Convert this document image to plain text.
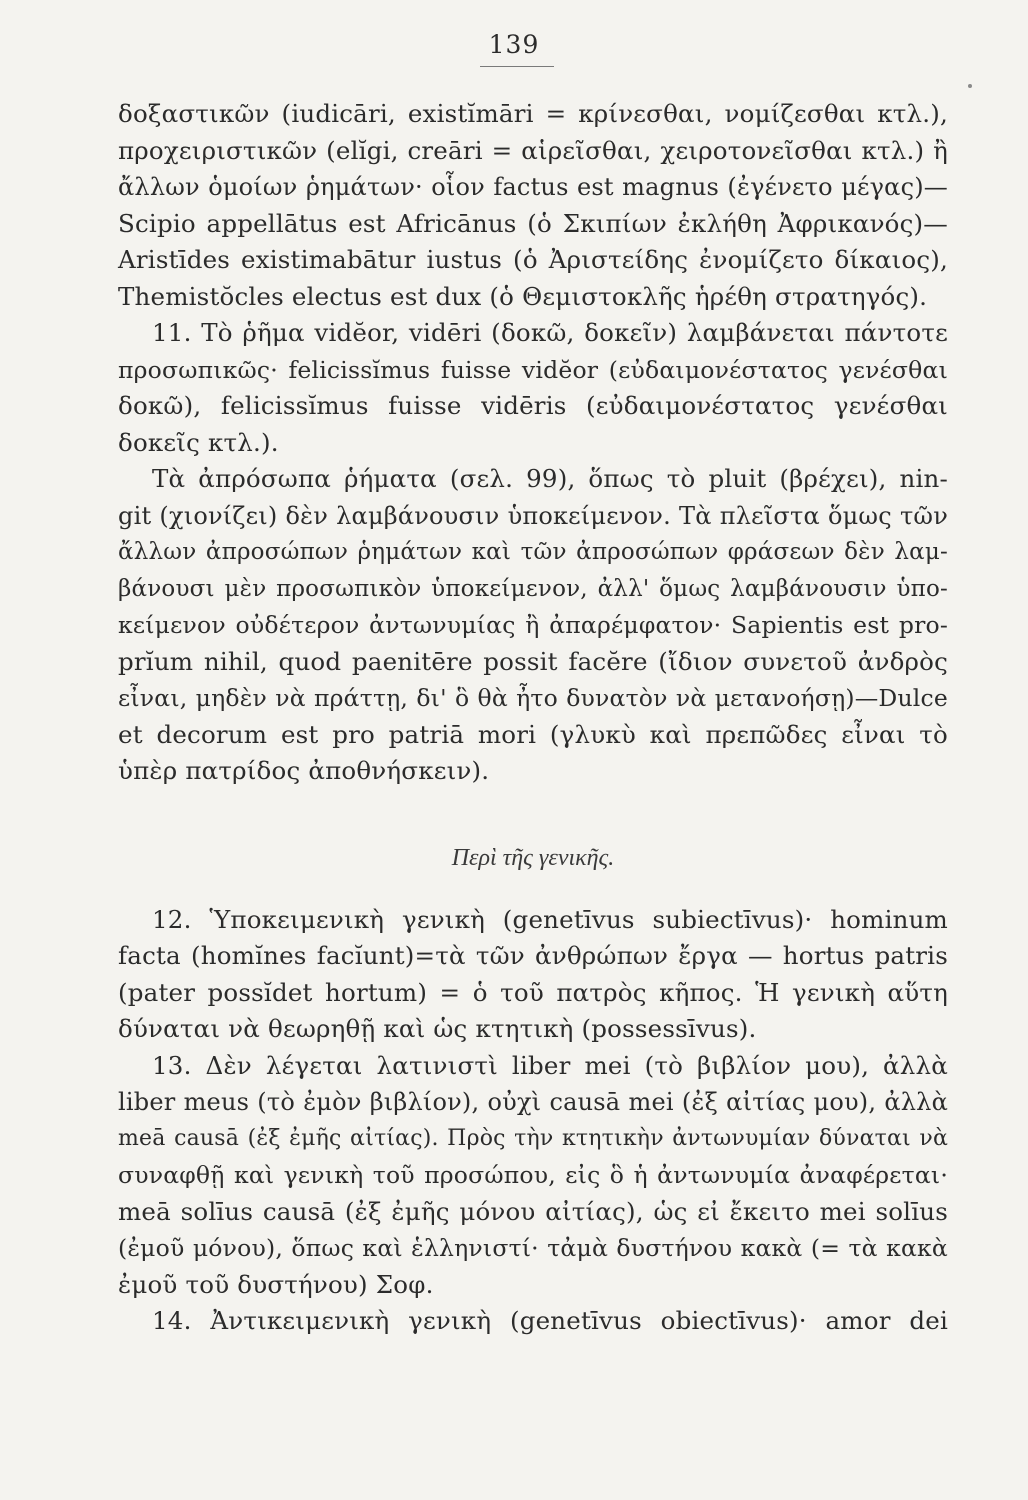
139
δοξαστικῶν (iudicāri, existĭmāri = κρίνεσθαι, νομίζεσθαι κτλ.),
προχειριστικῶν (elĭgi, creāri = αἱρεῖσθαι, χειροτονεῖσθαι κτλ.) ἢ
ἄλλων ὁμοίων ῥημάτων· οἷον factus est magnus (ἐγένετο μέγας)—
Scipio appellātus est Africānus (ὁ Σκιπίων ἐκλήθη Ἀφρικανός)—
Aristīdes existimabātur iustus (ὁ Ἀριστείδης ἐνομίζετο δίκαιος),
Themistŏcles electus est dux (ὁ Θεμιστοκλῆς ἡρέθη στρατηγός).
11. Τὸ ῥῆμα vidĕor, vidēri (δοκῶ, δοκεῖν) λαμβάνεται πάντοτε
προσωπικῶς· felicissĭmus fuisse vidĕor (εὐδαιμονέστατος γενέσθαι
δοκῶ), felicissĭmus fuisse vidēris (εὐδαιμονέστατος γενέσθαι
δοκεῖς κτλ.).
Τὰ ἀπρόσωπα ῥήματα (σελ. 99), ὅπως τὸ pluit (βρέχει), nin-
git (χιονίζει) δὲν λαμβάνουσιν ὑποκείμενον. Τὰ πλεῖστα ὅμως τῶν
ἄλλων ἀπροσώπων ῥημάτων καὶ τῶν ἀπροσώπων φράσεων δὲν λαμ-
βάνουσι μὲν προσωπικὸν ὑποκείμενον, ἀλλ' ὅμως λαμβάνουσιν ὑπο-
κείμενον οὐδέτερον ἀντωνυμίας ἢ ἀπαρέμφατον· Sapientis est pro-
prĭum nihil, quod paenitēre possit facĕre (ἴδιον συνετοῦ ἀνδρὸς
εἶναι, μηδὲν νὰ πράττῃ, δι' ὃ θὰ ἦτο δυνατὸν νὰ μετανοήσῃ)—Dulce
et decorum est pro patriā mori (γλυκὺ καὶ πρεπῶδες εἶναι τὸ
ὑπὲρ πατρίδος ἀποθνήσκειν).
Περὶ τῆς γενικῆς.
12. Ὑποκειμενικὴ γενικὴ (genetīvus subiectīvus)· hominum
facta (homĭnes facĭunt)=τὰ τῶν ἀνθρώπων ἔργα — hortus patris
(pater possĭdet hortum) = ὁ τοῦ πατρὸς κῆπος. Ἡ γενικὴ αὕτη
δύναται νὰ θεωρηθῇ καὶ ὡς κτητικὴ (possessīvus).
13. Δὲν λέγεται λατινιστὶ liber mei (τὸ βιβλίον μου), ἀλλὰ
liber meus (τὸ ἐμὸν βιβλίον), οὐχὶ causā mei (ἐξ αἰτίας μου), ἀλλὰ
meā causā (ἐξ ἐμῆς αἰτίας). Πρὸς τὴν κτητικὴν ἀντωνυμίαν δύναται νὰ
συναφθῇ καὶ γενικὴ τοῦ προσώπου, εἰς ὃ ἡ ἀντωνυμία ἀναφέρεται·
meā solīus causā (ἐξ ἐμῆς μόνου αἰτίας), ὡς εἰ ἔκειτο mei solīus
(ἐμοῦ μόνου), ὅπως καὶ ἑλληνιστί· τἀμὰ δυστήνου κακὰ (= τὰ κακὰ
ἐμοῦ τοῦ δυστήνου) Σοφ.
14. Ἀντικειμενικὴ γενικὴ (genetīvus obiectīvus)· amor dei
